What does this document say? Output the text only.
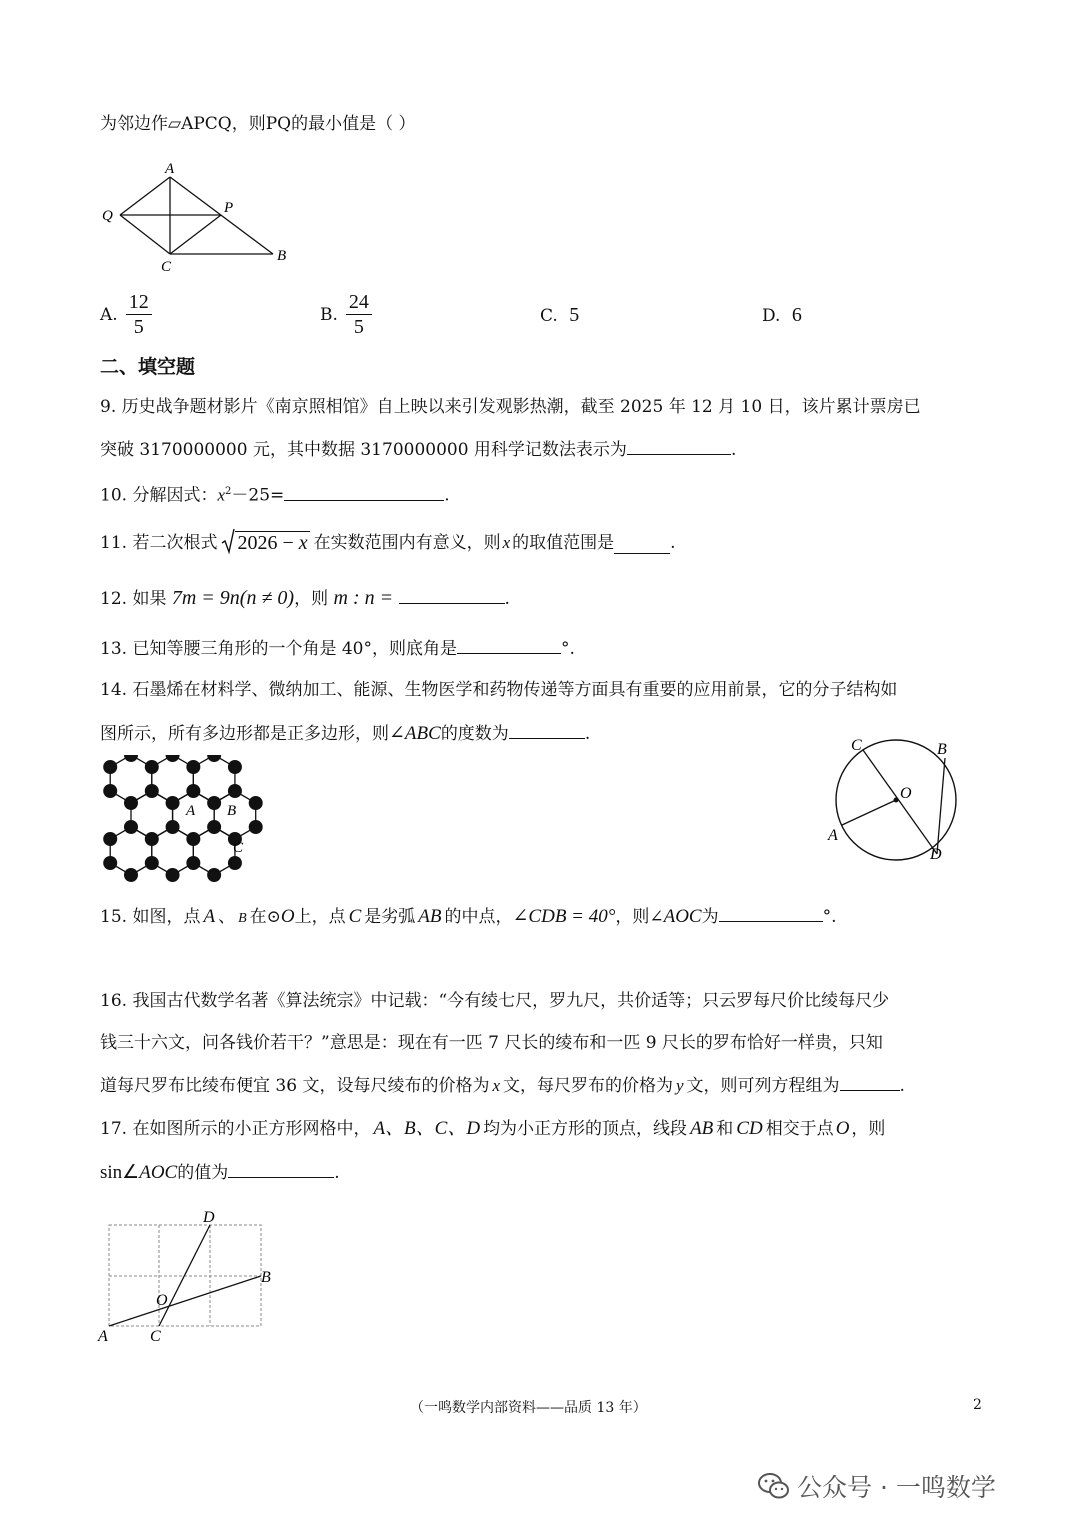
为邻边作▱APCQ，则PQ的最小值是（ ）
A
Q	P
C
B
A. $\frac{12}{5}$	B. $\frac{24}{5}$	C. 5	D. 6
二、填空题
9. 历史战争题材影片《南京照相馆》自上映以来引发观影热潮，截至 2025 年 12 月 10 日，该片累计票房已
突破 3170000000 元，其中数据 3170000000 用科学记数法表示为	.
10. 分解因式：$x^2-25=$	.
11. 若二次根式 2026 − x 在实数范围内有意义，则 x 的取值范围是	.
12. 如果 7m = 9n(n ≠ 0)，则 m : n =	.
13. 已知等腰三角形的一个角是 40°，则底角是	°.
14. 石墨烯在材料学、微纳加工、能源、生物医学和药物传递等方面具有重要的应用前景，它的分子结构如
图所示，所有多边形都是正多边形，则∠ABC的度数为	.
A B
C
C	B
O
A
D
15. 如图，点 A 、 B 在⊙O上，点 C 是劣弧 AB 的中点，∠CDB = 40°，则∠AOC为	°.
16. 我国古代数学名著《算法统宗》中记载：“今有绫七尺，罗九尺，共价适等；只云罗每尺价比绫每尺少
钱三十六文，问各钱价若干？”意思是：现在有一匹 7 尺长的绫布和一匹 9 尺长的罗布恰好一样贵，只知
道每尺罗布比绫布便宜 36 文，设每尺绫布的价格为 x 文，每尺罗布的价格为 y 文，则可列方程组为	.
17. 在如图所示的小正方形网格中， A、B、C、D 均为小正方形的顶点，线段 AB 和 CD 相交于点 O ，则
sin∠AOC的值为	.
D
B
O
A	C
（一鸣数学内部资料——品质 13 年）	2
公众号 · 一鸣数学
